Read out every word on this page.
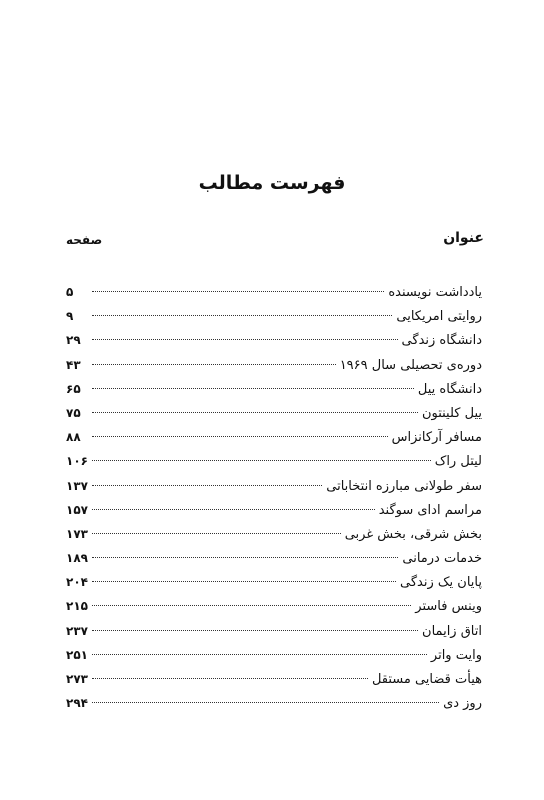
فهرست مطالب
عنوان
صفحه
یادداشت نویسنده
۵
روایتی امریکایی
۹
دانشگاه زندگی
۲۹
دوره‌ی تحصیلی سال ۱۹۶۹
۴۳
دانشگاه ییل
۶۵
ییل کلینتون
۷۵
مسافر آرکانزاس
۸۸
لیتل راک
۱۰۶
سفر طولانی مبارزه انتخاباتی
۱۳۷
مراسم ادای سوگند
۱۵۷
بخش شرقی، بخش غربی
۱۷۳
خدمات درمانی
۱۸۹
پایان یک زندگی
۲۰۴
وینس فاستر
۲۱۵
اتاق زایمان
۲۳۷
وایت واتر
۲۵۱
هیأت قضایی مستقل
۲۷۳
روز دی
۲۹۴
